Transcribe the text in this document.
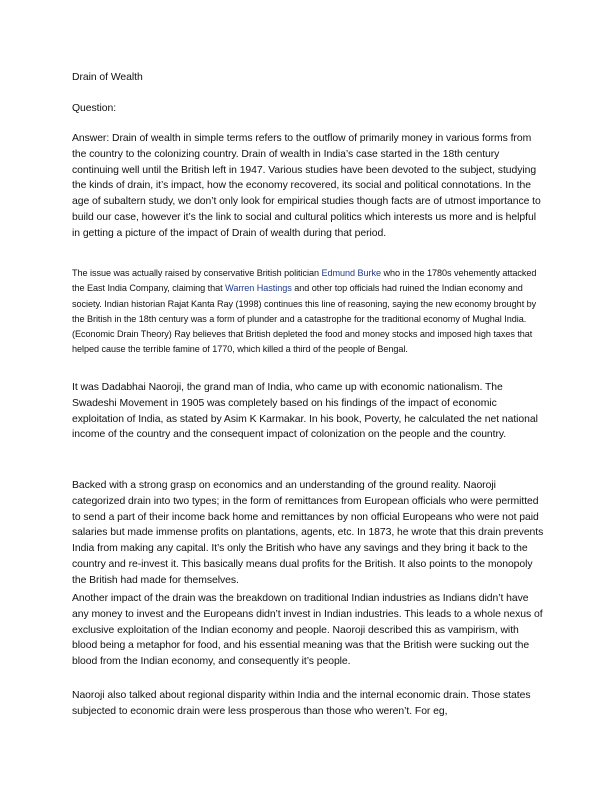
Drain of Wealth

Question:

Answer: Drain of wealth in simple terms refers to the outflow of primarily money in various forms from the country to the colonizing country. Drain of wealth in India’s case started in the 18th century continuing well until the British left in 1947. Various studies have been devoted to the subject, studying the kinds of drain, it’s impact, how the economy recovered, its social and political connotations. In the age of subaltern study, we don’t only look for empirical studies though facts are of utmost importance to build our case, however it’s the link to social and cultural politics which interests us more and is helpful in getting a picture of the impact of Drain of wealth during that period.

The issue was actually raised by conservative British politician Edmund Burke who in the 1780s vehemently attacked the East India Company, claiming that Warren Hastings and other top officials had ruined the Indian economy and society. Indian historian Rajat Kanta Ray (1998) continues this line of reasoning, saying the new economy brought by the British in the 18th century was a form of plunder and a catastrophe for the traditional economy of Mughal India. (Economic Drain Theory) Ray believes that British depleted the food and money stocks and imposed high taxes that helped cause the terrible famine of 1770, which killed a third of the people of Bengal.

It was Dadabhai Naoroji, the grand man of India, who came up with economic nationalism. The Swadeshi Movement in 1905 was completely based on his findings of the impact of economic exploitation of India, as stated by Asim K Karmakar. In his book, Poverty, he calculated the net national income of the country and the consequent impact of colonization on the people and the country.

Backed with a strong grasp on economics and an understanding of the ground reality. Naoroji categorized drain into two types; in the form of remittances from European officials who were permitted to send a part of their income back home and remittances by non official Europeans who were not paid salaries but made immense profits on plantations, agents, etc. In 1873, he wrote that this drain prevents India from making any capital. It’s only the British who have any savings and they bring it back to the country and re-invest it. This basically means dual profits for the British. It also points to the monopoly the British had made for themselves.

Another impact of the drain was the breakdown on traditional Indian industries as Indians didn’t have any money to invest and the Europeans didn’t invest in Indian industries. This leads to a whole nexus of exclusive exploitation of the Indian economy and people. Naoroji described this as vampirism, with blood being a metaphor for food, and his essential meaning was that the British were sucking out the blood from the Indian economy, and consequently it’s people.

Naoroji also talked about regional disparity within India and the internal economic drain. Those states subjected to economic drain were less prosperous than those who weren’t. For eg,
